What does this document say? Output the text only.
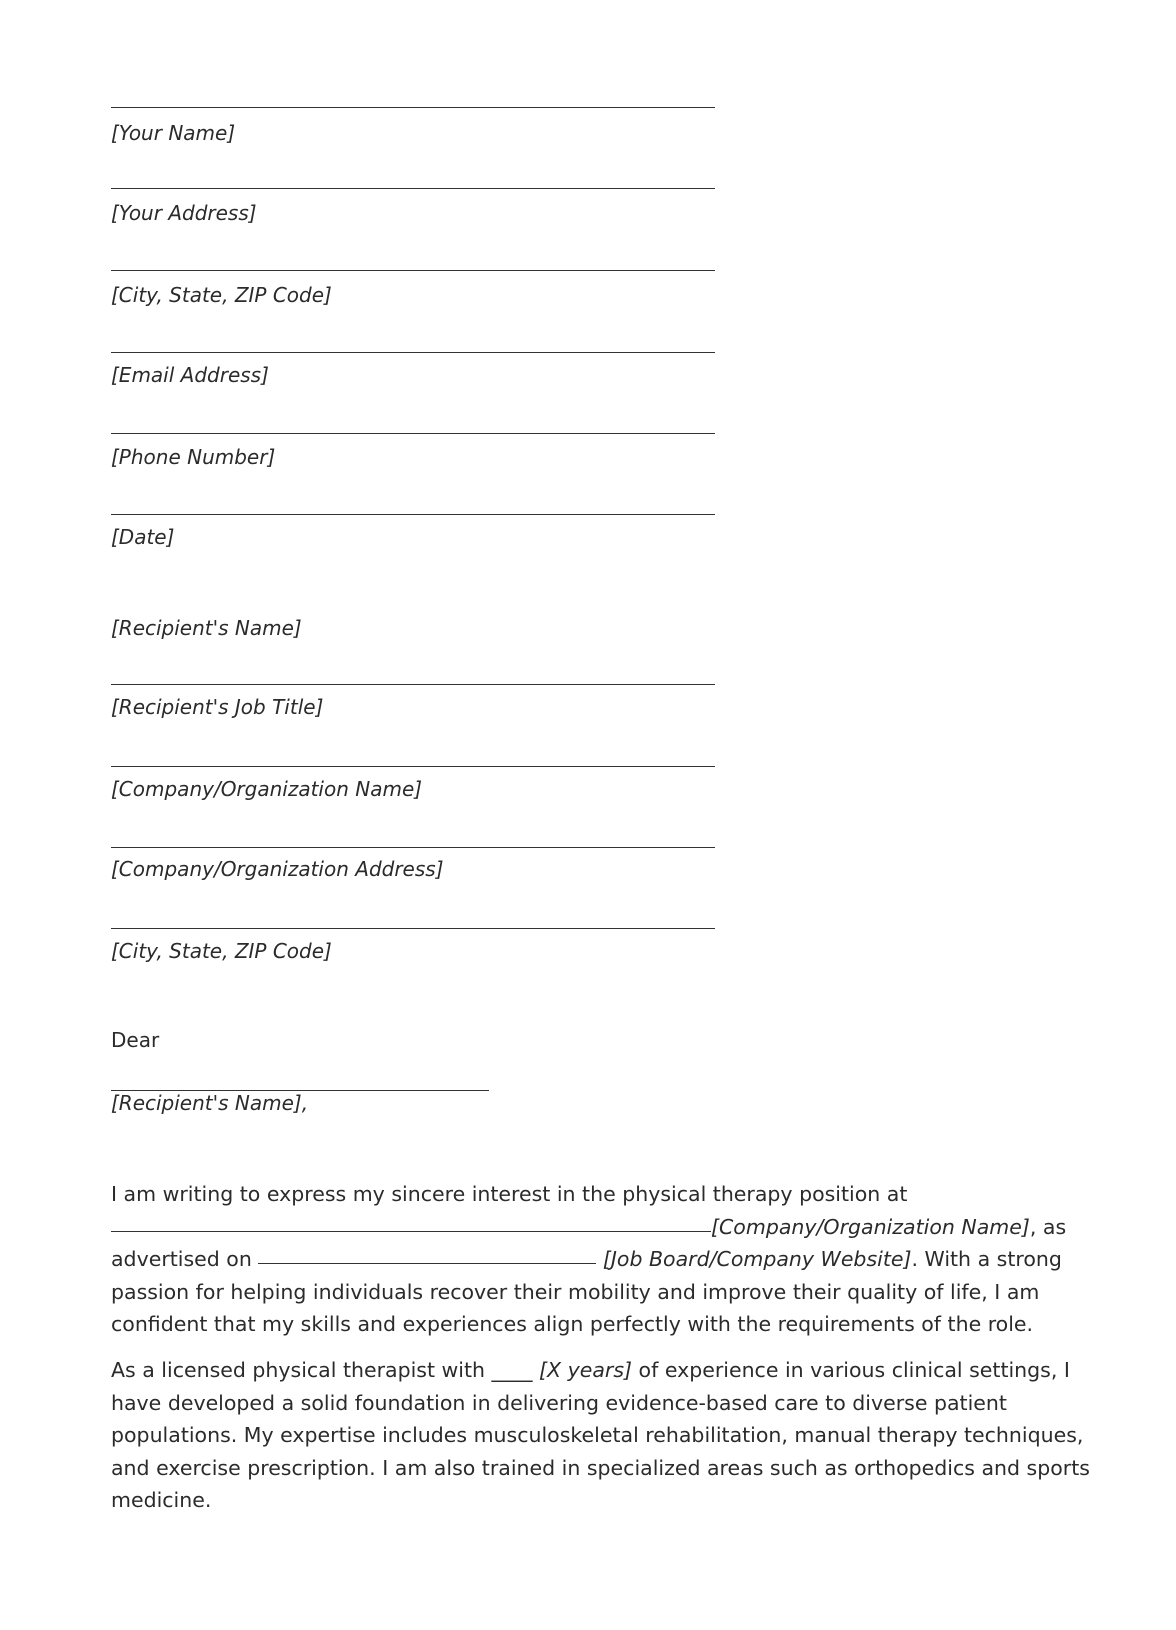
[Your Name]
[Your Address]
[City, State, ZIP Code]
[Email Address]
[Phone Number]
[Date]
[Recipient's Name]
[Recipient's Job Title]
[Company/Organization Name]
[Company/Organization Address]
[City, State, ZIP Code]
Dear
[Recipient's Name],
I am writing to express my sincere interest in the physical therapy position at
[Company/Organization Name], as
advertised on	[Job Board/Company Website]. With a strong
passion for helping individuals recover their mobility and improve their quality of life, I am
confident that my skills and experiences align perfectly with the requirements of the role.
As a licensed physical therapist with ____ [X years] of experience in various clinical settings, I
have developed a solid foundation in delivering evidence-based care to diverse patient
populations. My expertise includes musculoskeletal rehabilitation, manual therapy techniques,
and exercise prescription. I am also trained in specialized areas such as orthopedics and sports
medicine.
